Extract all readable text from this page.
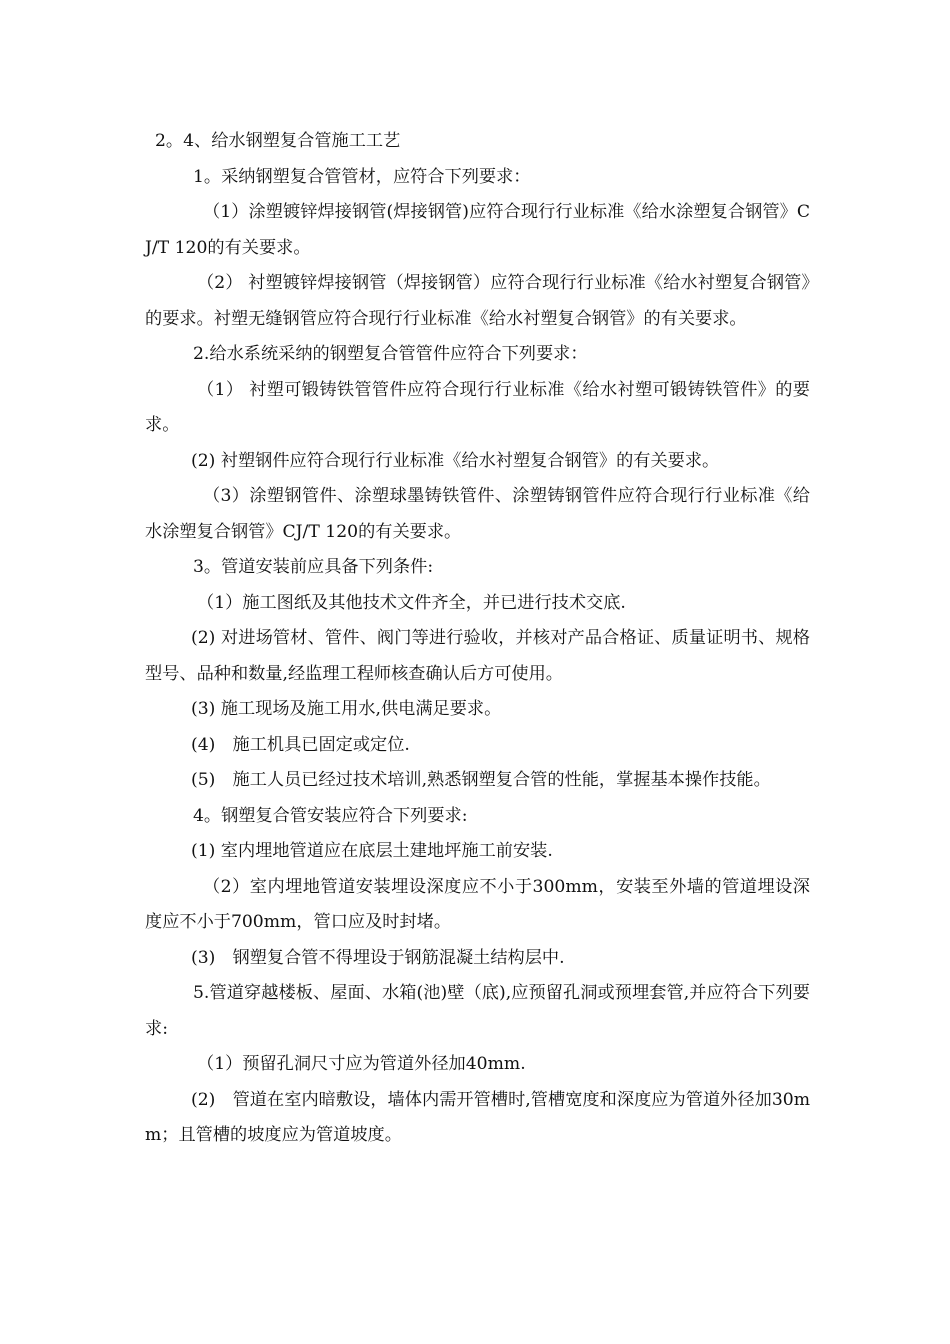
2。4、给水钢塑复合管施工工艺

1。采纳钢塑复合管管材，应符合下列要求：

（1）涂塑镀锌焊接钢管(焊接钢管)应符合现行行业标准《给水涂塑复合钢管》CJ/T 120的有关要求。

（2） 衬塑镀锌焊接钢管（焊接钢管）应符合现行行业标准《给水衬塑复合钢管》的要求。衬塑无缝钢管应符合现行行业标准《给水衬塑复合钢管》的有关要求。

2.给水系统采纳的钢塑复合管管件应符合下列要求：

（1） 衬塑可锻铸铁管管件应符合现行行业标准《给水衬塑可锻铸铁管件》的要求。

(2) 衬塑钢件应符合现行行业标准《给水衬塑复合钢管》的有关要求。

（3）涂塑钢管件、涂塑球墨铸铁管件、涂塑铸钢管件应符合现行行业标准《给水涂塑复合钢管》CJ/T 120的有关要求。

3。管道安装前应具备下列条件:

（1）施工图纸及其他技术文件齐全，并已进行技术交底.

(2) 对进场管材、管件、阀门等进行验收，并核对产品合格证、质量证明书、规格型号、品种和数量,经监理工程师核查确认后方可使用。

(3) 施工现场及施工用水,供电满足要求。

(4)　施工机具已固定或定位.

(5)　施工人员已经过技术培训,熟悉钢塑复合管的性能，掌握基本操作技能。

4。钢塑复合管安装应符合下列要求:

(1) 室内埋地管道应在底层土建地坪施工前安装.

（2）室内埋地管道安装埋设深度应不小于300mm，安装至外墙的管道埋设深度应不小于700mm，管口应及时封堵。

(3)　钢塑复合管不得埋设于钢筋混凝土结构层中.

5.管道穿越楼板、屋面、水箱(池)壁（底),应预留孔洞或预埋套管,并应符合下列要求:

（1）预留孔洞尺寸应为管道外径加40mm.

(2)　管道在室内暗敷设，墙体内需开管槽时,管槽宽度和深度应为管道外径加30mm；且管槽的坡度应为管道坡度。
